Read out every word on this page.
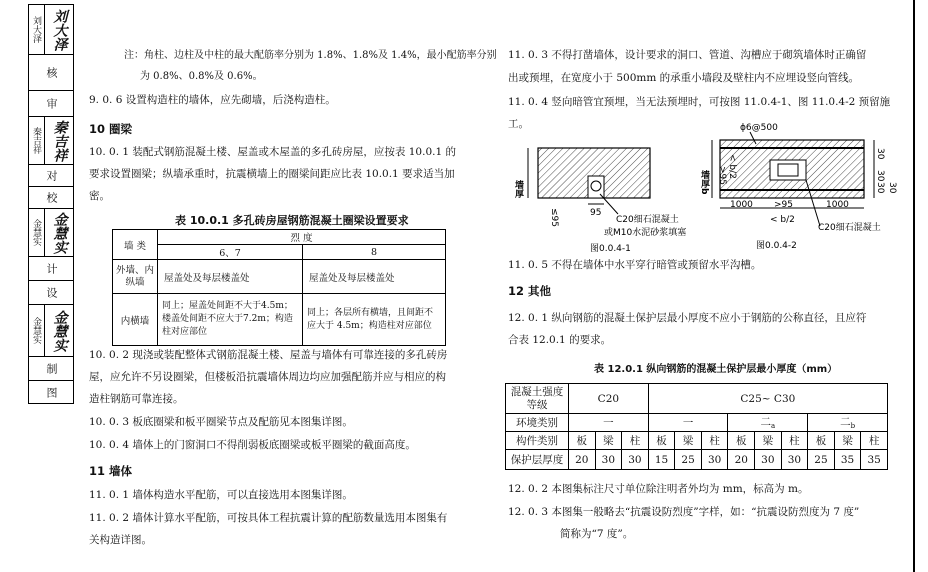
刘大泽 刘大泽
核
审
秦吉祥 秦吉祥
对
校
金慧实 金慧实
计
设
金慧实 金慧实
制
图
注：角柱、边柱及中柱的最大配筋率分别为 1.8%、1.8%及 1.4%，最小配筋率分别
为 0.8%、0.8%及 0.6%。
9. 0. 6 设置构造柱的墙体，应先砌墙，后浇构造柱。
10 圈梁
10. 0. 1 装配式钢筋混凝土楼、屋盖或木屋盖的多孔砖房屋，应按表 10.0.1 的
要求设置圈梁；纵墙承重时，抗震横墙上的圈梁间距应比表 10.0.1 要求适当加
密。
表 10.0.1 多孔砖房屋钢筋混凝土圈梁设置要求
墙 类	烈 度	
	6、7	8
外墙、内纵墙	屋盖处及每层楼盖处	屋盖处及每层楼盖处
内横墙	同上；屋盖处间距不大于4.5m；楼盖处间距不应大于7.2m；构造柱对应部位	同上；各层所有横墙，且间距不应大于 4.5m；构造柱对应部位
10. 0. 2 现浇或装配整体式钢筋混凝土楼、屋盖与墙体有可靠连接的多孔砖房
屋，应允许不另设圈梁，但楼板沿抗震墙体周边均应加强配筋并应与相应的构
造柱钢筋可靠连接。
10. 0. 3 板底圈梁和板平圈梁节点及配筋见本图集详图。
10. 0. 4 墙体上的门窗洞口不得削弱板底圈梁或板平圈梁的截面高度。
11 墙体
11. 0. 1 墙体构造水平配筋，可以直接选用本图集详图。
11. 0. 2 墙体计算水平配筋，可按具体工程抗震计算的配筋数量选用本图集有
关构造详图。
11. 0. 3 不得打凿墙体，设计要求的洞口、管道、沟槽应于砌筑墙体时正确留
出或预埋，在宽度小于 500mm 的承重小墙段及壁柱内不应埋设竖向管线。
11. 0. 4 竖向暗管宜预埋，当无法预埋时，可按图 11.0.4-1、图 11.0.4-2 预留施
工。
墙厚
95
≤95	C20细石混凝土
或M10水泥砂浆填塞
图0.0.4-1
ϕ6@500
30
30
30 30
墙厚b >95 < b/2
1000 >95	1000
< b/2
C20细石混凝土
图0.0.4-2
11. 0. 5 不得在墙体中水平穿行暗管或预留水平沟槽。
12 其他
12. 0. 1 纵向钢筋的混凝土保护层最小厚度不应小于钢筋的公称直径，且应符
合表 12.0.1 的要求。
表 12.0.1 纵向钢筋的混凝土保护层最小厚度（mm）
混凝土强度等级	C20			C25~ C30								
环境类别	一			一			二$_a$			二$_b$
构件类别	板	梁	柱	板	梁	柱	板	梁	柱	板	梁	柱
保护层厚度	20	30	30	15	25	30	20	30	30	25	35	35
12. 0. 2 本图集标注尺寸单位除注明者外均为 mm，标高为 m。
12. 0. 3 本图集一般略去“抗震设防烈度”字样，如：“抗震设防烈度为 7 度”
简称为“7 度”。
